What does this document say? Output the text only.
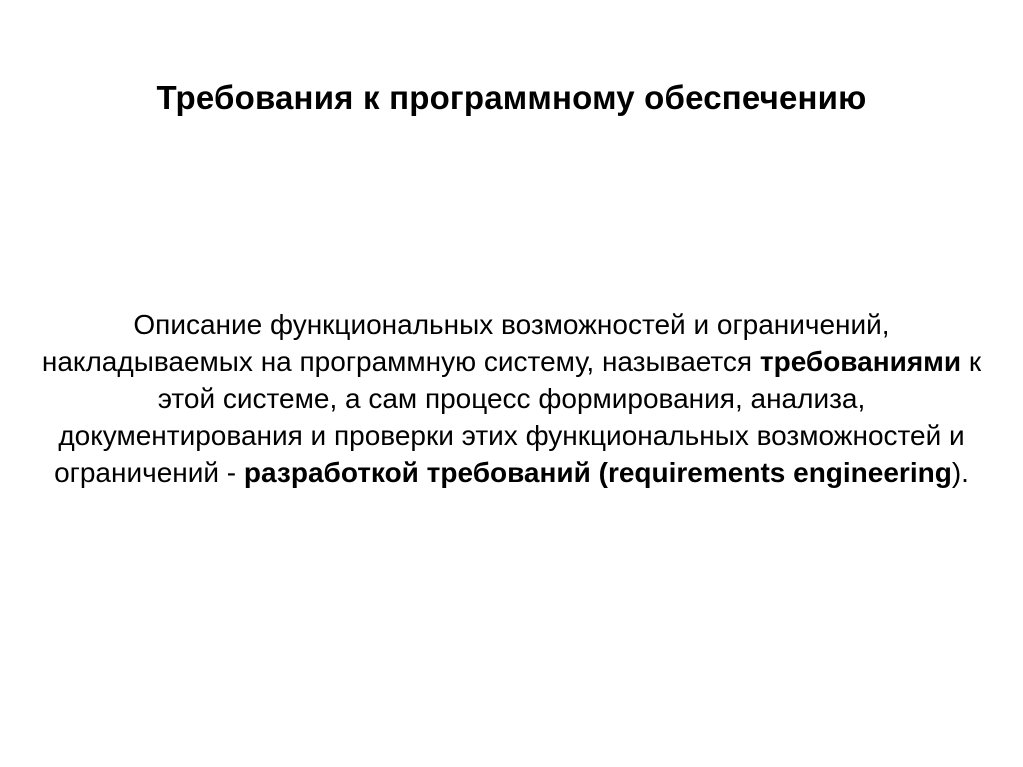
Требования к программному обеспечению

Описание функциональных возможностей и ограничений, накладываемых на программную систему, называется требованиями к этой системе, а сам процесс формирования, анализа, документирования и проверки этих функциональных возможностей и ограничений - разработкой требований (requirements engineering).
